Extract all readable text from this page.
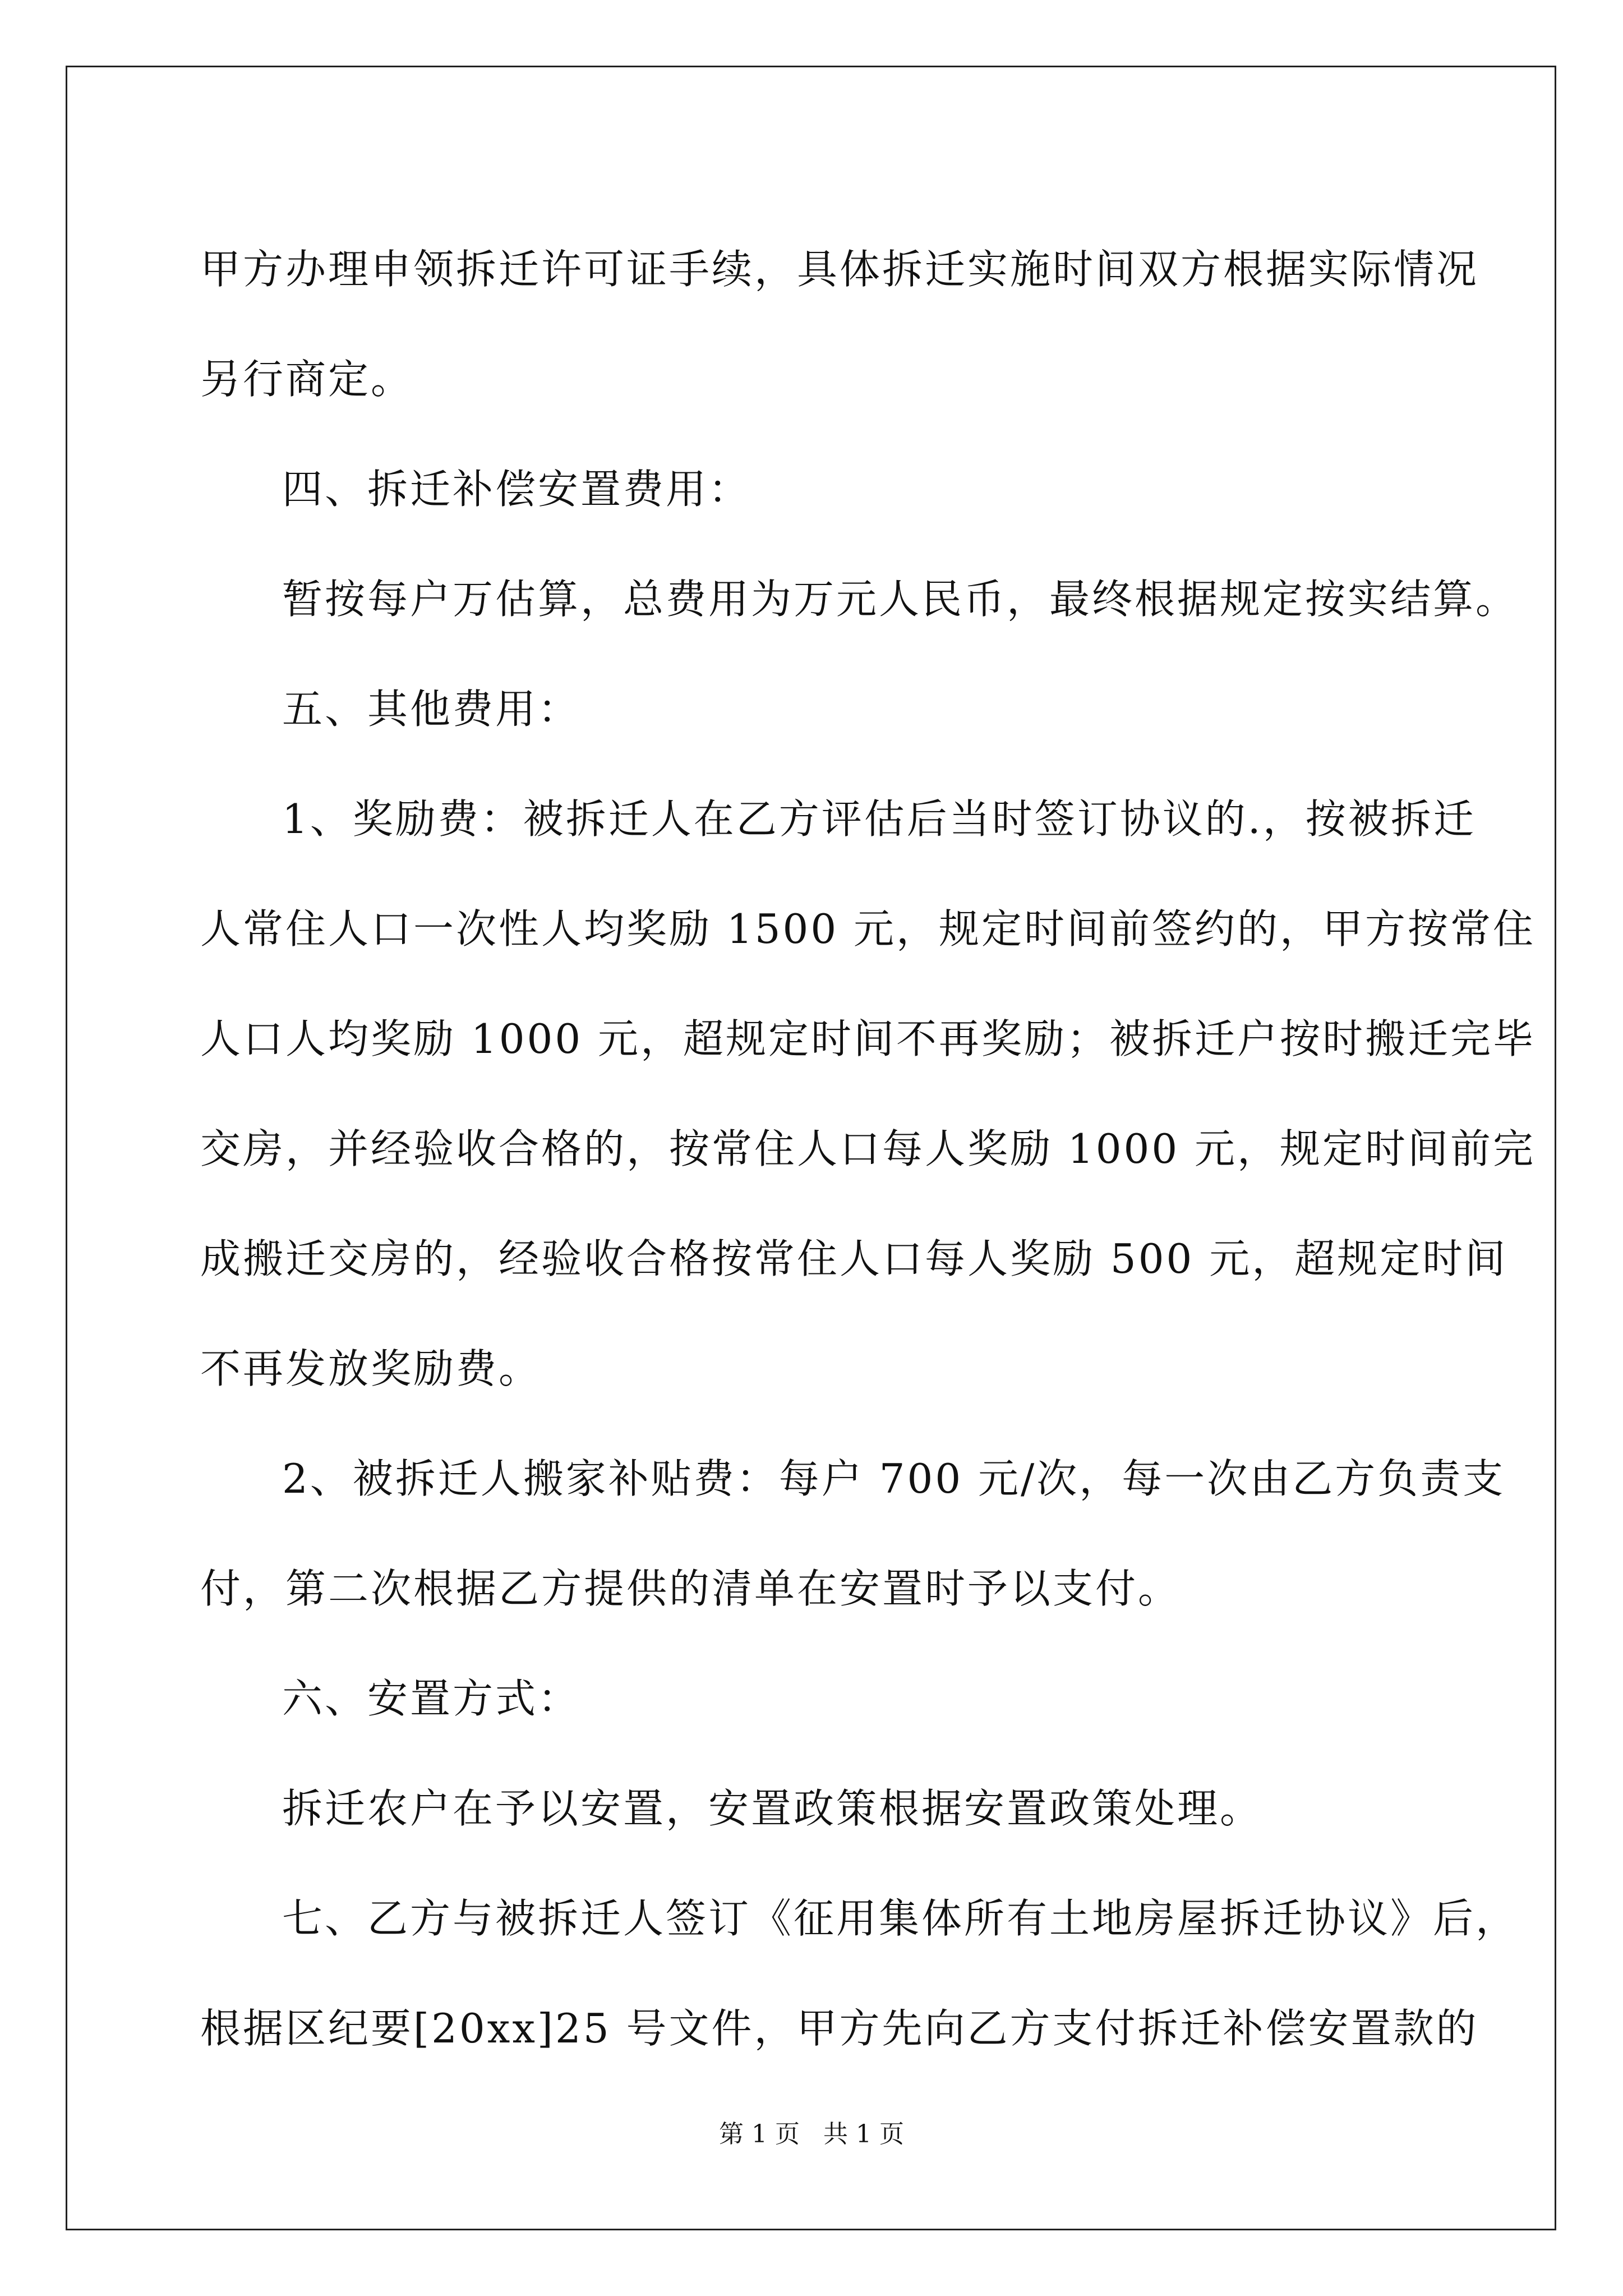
甲方办理申领拆迁许可证手续，具体拆迁实施时间双方根据实际情况
另行商定。
四、拆迁补偿安置费用：
暂按每户万估算，总费用为万元人民币，最终根据规定按实结算。
五、其他费用：
1、奖励费：被拆迁人在乙方评估后当时签订协议的.，按被拆迁
人常住人口一次性人均奖励 1500 元，规定时间前签约的，甲方按常住
人口人均奖励 1000 元，超规定时间不再奖励；被拆迁户按时搬迁完毕
交房，并经验收合格的，按常住人口每人奖励 1000 元，规定时间前完
成搬迁交房的，经验收合格按常住人口每人奖励 500 元，超规定时间
不再发放奖励费。
2、被拆迁人搬家补贴费：每户 700 元/次，每一次由乙方负责支
付，第二次根据乙方提供的清单在安置时予以支付。
六、安置方式：
拆迁农户在予以安置，安置政策根据安置政策处理。
七、乙方与被拆迁人签订《征用集体所有土地房屋拆迁协议》后，
根据区纪要[20xx]25 号文件，甲方先向乙方支付拆迁补偿安置款的
第 1 页   共 1 页
